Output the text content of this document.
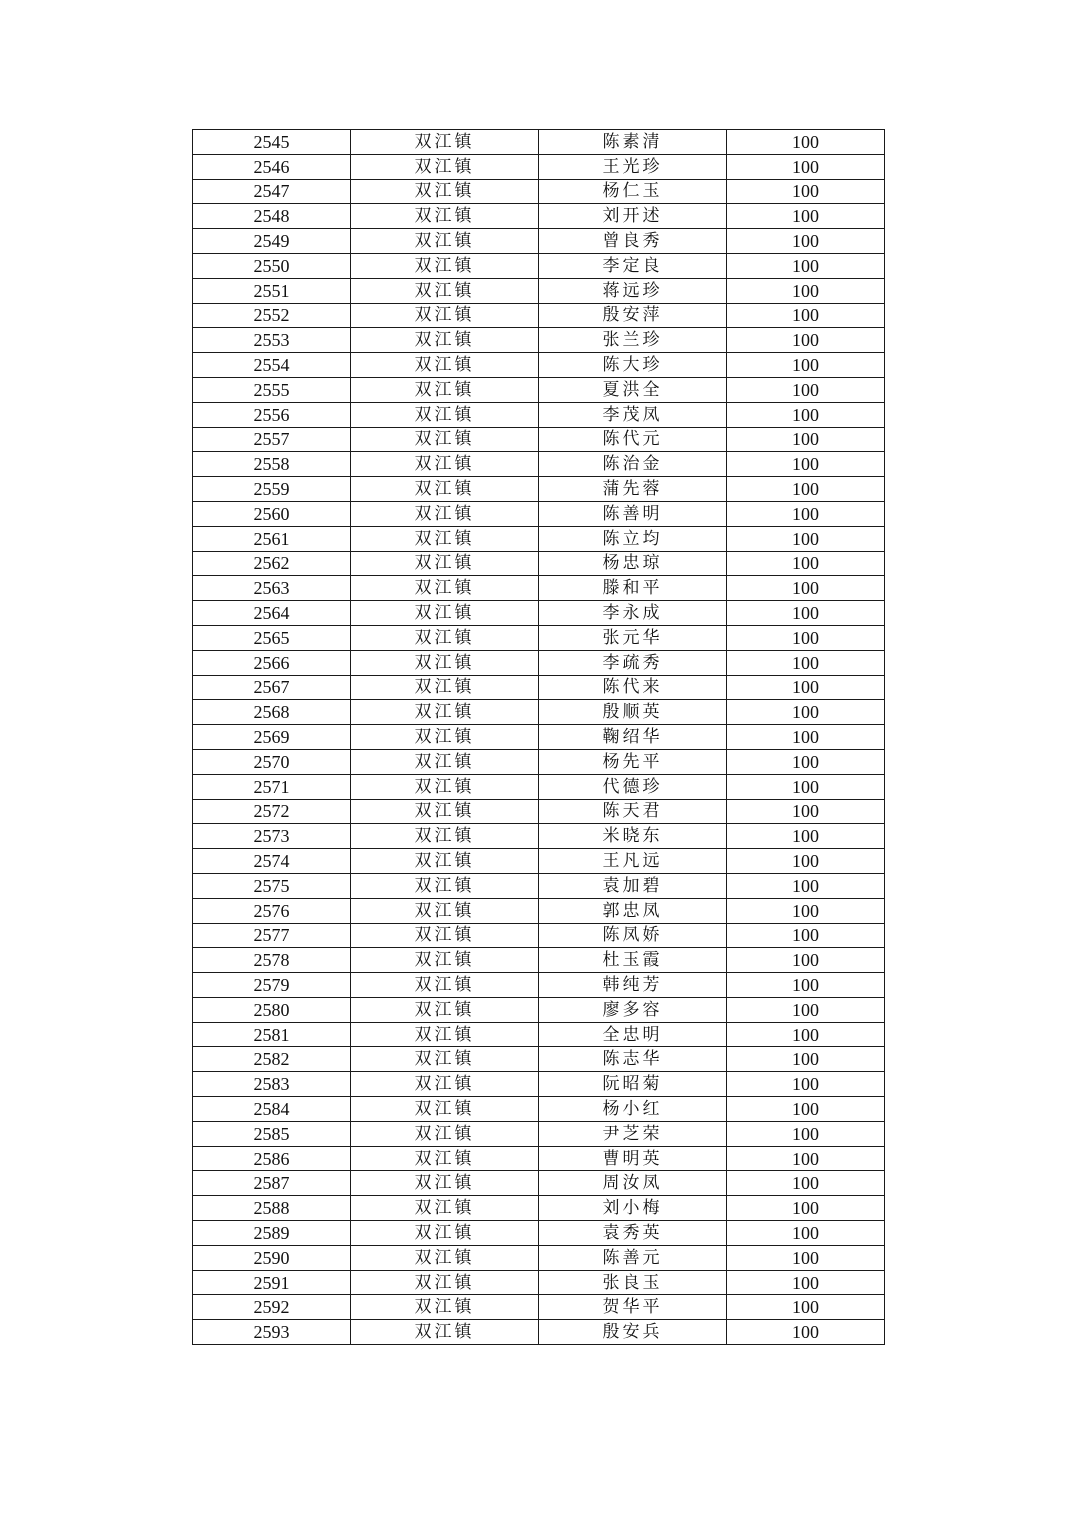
2545	双江镇	陈素清	100
2546	双江镇	王光珍	100
2547	双江镇	杨仁玉	100
2548	双江镇	刘开述	100
2549	双江镇	曾良秀	100
2550	双江镇	李定良	100
2551	双江镇	蒋远珍	100
2552	双江镇	殷安萍	100
2553	双江镇	张兰珍	100
2554	双江镇	陈大珍	100
2555	双江镇	夏洪全	100
2556	双江镇	李茂凤	100
2557	双江镇	陈代元	100
2558	双江镇	陈治金	100
2559	双江镇	蒲先蓉	100
2560	双江镇	陈善明	100
2561	双江镇	陈立均	100
2562	双江镇	杨忠琼	100
2563	双江镇	滕和平	100
2564	双江镇	李永成	100
2565	双江镇	张元华	100
2566	双江镇	李疏秀	100
2567	双江镇	陈代来	100
2568	双江镇	殷顺英	100
2569	双江镇	鞠绍华	100
2570	双江镇	杨先平	100
2571	双江镇	代德珍	100
2572	双江镇	陈天君	100
2573	双江镇	米晓东	100
2574	双江镇	王凡远	100
2575	双江镇	袁加碧	100
2576	双江镇	郭忠凤	100
2577	双江镇	陈凤娇	100
2578	双江镇	杜玉霞	100
2579	双江镇	韩纯芳	100
2580	双江镇	廖多容	100
2581	双江镇	全忠明	100
2582	双江镇	陈志华	100
2583	双江镇	阮昭菊	100
2584	双江镇	杨小红	100
2585	双江镇	尹芝荣	100
2586	双江镇	曹明英	100
2587	双江镇	周汝凤	100
2588	双江镇	刘小梅	100
2589	双江镇	袁秀英	100
2590	双江镇	陈善元	100
2591	双江镇	张良玉	100
2592	双江镇	贺华平	100
2593	双江镇	殷安兵	100
